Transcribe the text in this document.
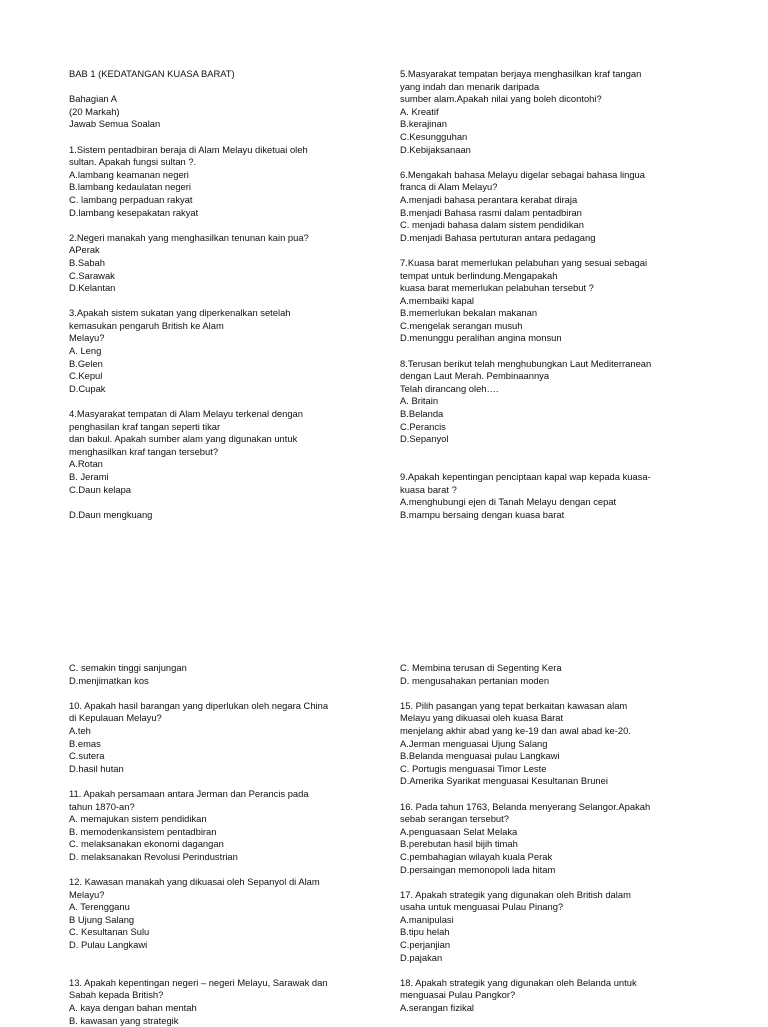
BAB 1 (KEDATANGAN KUASA BARAT)
Bahagian A
(20 Markah)
Jawab Semua Soalan
1.Sistem pentadbiran beraja di Alam Melayu diketuai oleh
sultan. Apakah fungsi sultan ?.
A.lambang keamanan negeri
B.lambang kedaulatan negeri
C. lambang perpaduan rakyat
D.lambang kesepakatan rakyat
2.Negeri manakah yang menghasilkan tenunan kain pua?
APerak
B.Sabah
C.Sarawak
D.Kelantan
3.Apakah sistem sukatan yang diperkenalkan setelah
kemasukan pengaruh British ke Alam
Melayu?
A. Leng
B.Gelen
C.Kepul
D.Cupak
4.Masyarakat tempatan di Alam Melayu terkenal dengan
penghasilan kraf tangan seperti tikar
dan bakul. Apakah sumber alam yang digunakan untuk
menghasilkan kraf tangan tersebut?
A.Rotan
B. Jerami
C.Daun kelapa
D.Daun mengkuang
5.Masyarakat tempatan berjaya menghasilkan kraf tangan
yang indah dan menarik daripada
sumber alam.Apakah nilai yang boleh dicontohi?
A. Kreatif
B.kerajinan
C.Kesungguhan
D.Kebijaksanaan
6.Mengakah bahasa Melayu digelar sebagai bahasa lingua
franca di Alam Melayu?
A.menjadi bahasa perantara kerabat diraja
B.menjadi Bahasa rasmi dalam pentadbiran
C. menjadi bahasa dalam sistem pendidikan
D.menjadi Bahasa pertuturan antara pedagang
7.Kuasa barat memerlukan pelabuhan yang sesuai sebagai
tempat untuk berlindung.Mengapakah
kuasa barat memerlukan pelabuhan tersebut ?
A.membaiki kapal
B.memerlukan bekalan makanan
C.mengelak serangan musuh
D.menunggu peralihan angina monsun
8.Terusan berikut telah menghubungkan Laut Mediterranean
dengan Laut Merah. Pembinaannya
Telah dirancang oleh….
A. Britain
B.Belanda
C.Perancis
D.Sepanyol
9.Apakah kepentingan penciptaan kapal wap kepada kuasa-
kuasa barat ?
A.menghubungi ejen di Tanah Melayu dengan cepat
B.mampu bersaing dengan kuasa barat
C. semakin tinggi sanjungan
D.menjimatkan kos
10. Apakah hasil barangan yang diperlukan oleh negara China
di Kepulauan Melayu?
A.teh
B.emas
C.sutera
D.hasil hutan
11. Apakah persamaan antara Jerman dan Perancis pada
tahun 1870-an?
A. memajukan sistem pendidikan
B. memodenkansistem pentadbiran
C. melaksanakan ekonomi dagangan
D. melaksanakan Revolusi Perindustrian
12. Kawasan manakah yang dikuasai oleh Sepanyol di Alam
Melayu?
A. Terengganu
B Ujung Salang
C. Kesultanan Sulu
D. Pulau Langkawi
13. Apakah kepentingan negeri – negeri Melayu, Sarawak dan
Sabah kepada British?
A. kaya dengan bahan mentah
B. kawasan yang strategik
C. Membina terusan di Segenting Kera
D. mengusahakan pertanian moden
15. Pilih pasangan yang tepat berkaitan kawasan alam
Melayu yang dikuasai oleh kuasa Barat
menjelang akhir abad yang ke-19 dan awal abad ke-20.
A.Jerman menguasai Ujung Salang
B.Belanda menguasai pulau Langkawi
C. Portugis menguasai Timor Leste
D.Amerika Syarikat menguasai Kesultanan Brunei
16. Pada tahun 1763, Belanda menyerang Selangor.Apakah
sebab serangan tersebut?
A.penguasaan Selat Melaka
B.perebutan hasil bijih timah
C.pembahagian wilayah kuala Perak
D.persaingan memonopoli lada hitam
17. Apakah strategik yang digunakan oleh British dalam
usaha untuk menguasai Pulau Pinang?
A.manipulasi
B.tipu helah
C.perjanjian
D.pajakan
18. Apakah strategik yang digunakan oleh Belanda untuk
menguasai Pulau Pangkor?
A.serangan fizikal
